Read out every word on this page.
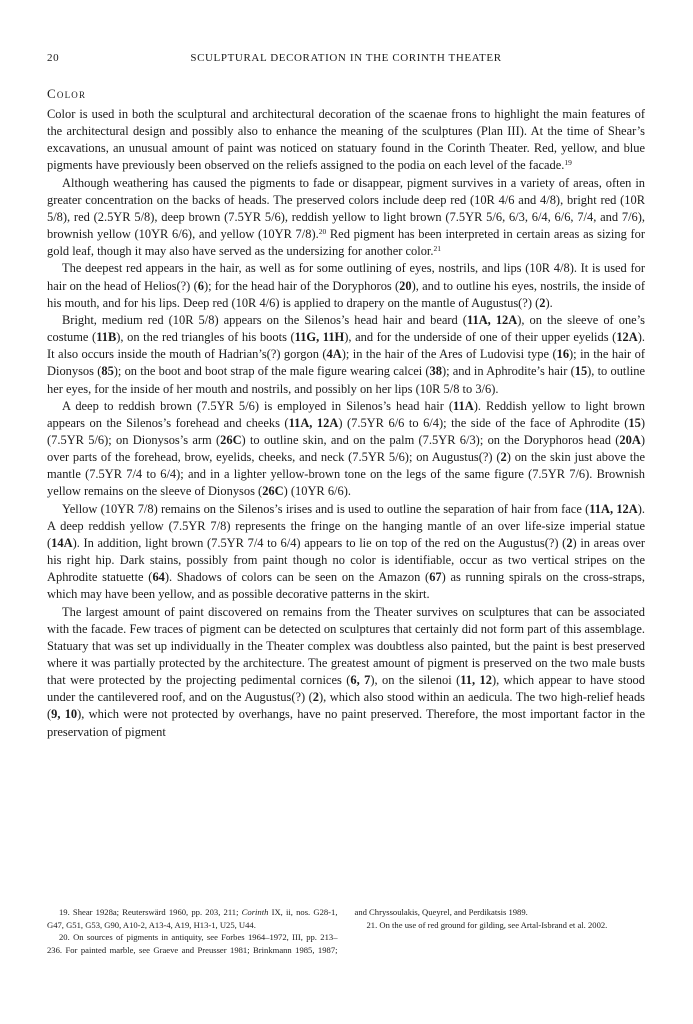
20	SCULPTURAL DECORATION IN THE CORINTH THEATER
Color

Color is used in both the sculptural and architectural decoration of the scaenae frons to highlight the main features of the architectural design and possibly also to enhance the meaning of the sculptures (Plan III). At the time of Shear’s excavations, an unusual amount of paint was noticed on statuary found in the Corinth Theater. Red, yellow, and blue pigments have previously been observed on the reliefs assigned to the podia on each level of the facade.$^{19}$

Although weathering has caused the pigments to fade or disappear, pigment survives in a variety of areas, often in greater concentration on the backs of heads. The preserved colors include deep red (10R 4/6 and 4/8), bright red (10R 5/8), red (2.5YR 5/8), deep brown (7.5YR 5/6), reddish yellow to light brown (7.5YR 5/6, 6/3, 6/4, 6/6, 7/4, and 7/6), brownish yellow (10YR 6/6), and yellow (10YR 7/8).$^{20}$ Red pigment has been interpreted in certain areas as sizing for gold leaf, though it may also have served as the undersizing for another color.$^{21}$

The deepest red appears in the hair, as well as for some outlining of eyes, nostrils, and lips (10R 4/8). It is used for hair on the head of Helios(?) (6); for the head hair of the Doryphoros (20), and to outline his eyes, nostrils, the inside of his mouth, and for his lips. Deep red (10R 4/6) is applied to drapery on the mantle of Augustus(?) (2).

Bright, medium red (10R 5/8) appears on the Silenos’s head hair and beard (11A, 12A), on the sleeve of one’s costume (11B), on the red triangles of his boots (11G, 11H), and for the underside of one of their upper eyelids (12A). It also occurs inside the mouth of Hadrian’s(?) gorgon (4A); in the hair of the Ares of Ludovisi type (16); in the hair of Dionysos (85); on the boot and boot strap of the male figure wearing calcei (38); and in Aphrodite’s hair (15), to outline her eyes, for the inside of her mouth and nostrils, and possibly on her lips (10R 5/8 to 3/6).

A deep to reddish brown (7.5YR 5/6) is employed in Silenos’s head hair (11A). Reddish yellow to light brown appears on the Silenos’s forehead and cheeks (11A, 12A) (7.5YR 6/6 to 6/4); the side of the face of Aphrodite (15) (7.5YR 5/6); on Dionysos’s arm (26C) to outline skin, and on the palm (7.5YR 6/3); on the Doryphoros head (20A) over parts of the forehead, brow, eyelids, cheeks, and neck (7.5YR 5/6); on Augustus(?) (2) on the skin just above the mantle (7.5YR 7/4 to 6/4); and in a lighter yellow-brown tone on the legs of the same figure (7.5YR 7/6). Brownish yellow remains on the sleeve of Dionysos (26C) (10YR 6/6).

Yellow (10YR 7/8) remains on the Silenos’s irises and is used to outline the separation of hair from face (11A, 12A). A deep reddish yellow (7.5YR 7/8) represents the fringe on the hanging mantle of an over life-size imperial statue (14A). In addition, light brown (7.5YR 7/4 to 6/4) appears to lie on top of the red on the Augustus(?) (2) in areas over his right hip. Dark stains, possibly from paint though no color is identifiable, occur as two vertical stripes on the Aphrodite statuette (64). Shadows of colors can be seen on the Amazon (67) as running spirals on the cross-straps, which may have been yellow, and as possible decorative patterns in the skirt.

The largest amount of paint discovered on remains from the Theater survives on sculptures that can be associated with the facade. Few traces of pigment can be detected on sculptures that certainly did not form part of this assemblage. Statuary that was set up individually in the Theater complex was doubtless also painted, but the paint is best preserved where it was partially protected by the architecture. The greatest amount of pigment is preserved on the two male busts that were protected by the projecting pedimental cornices (6, 7), on the silenoi (11, 12), which appear to have stood under the cantilevered roof, and on the Augustus(?) (2), which also stood within an aedicula. The two high-relief heads (9, 10), which were not protected by overhangs, have no paint preserved. Therefore, the most important factor in the preservation of pigment

19. Shear 1928a; Reuterswärd 1960, pp. 203, 211; Corinth IX, ii, nos. G28-1, G47, G51, G53, G90, A10-2, A13-4, A19, H13-1, U25, U44.

20. On sources of pigments in antiquity, see Forbes 1964–1972, III, pp. 213–236. For painted marble, see Graeve and Preusser 1981; Brinkmann 1985, 1987; and Chryssoulakis, Queyrel, and Perdikatsis 1989.

21. On the use of red ground for gilding, see Artal-Isbrand et al. 2002.
